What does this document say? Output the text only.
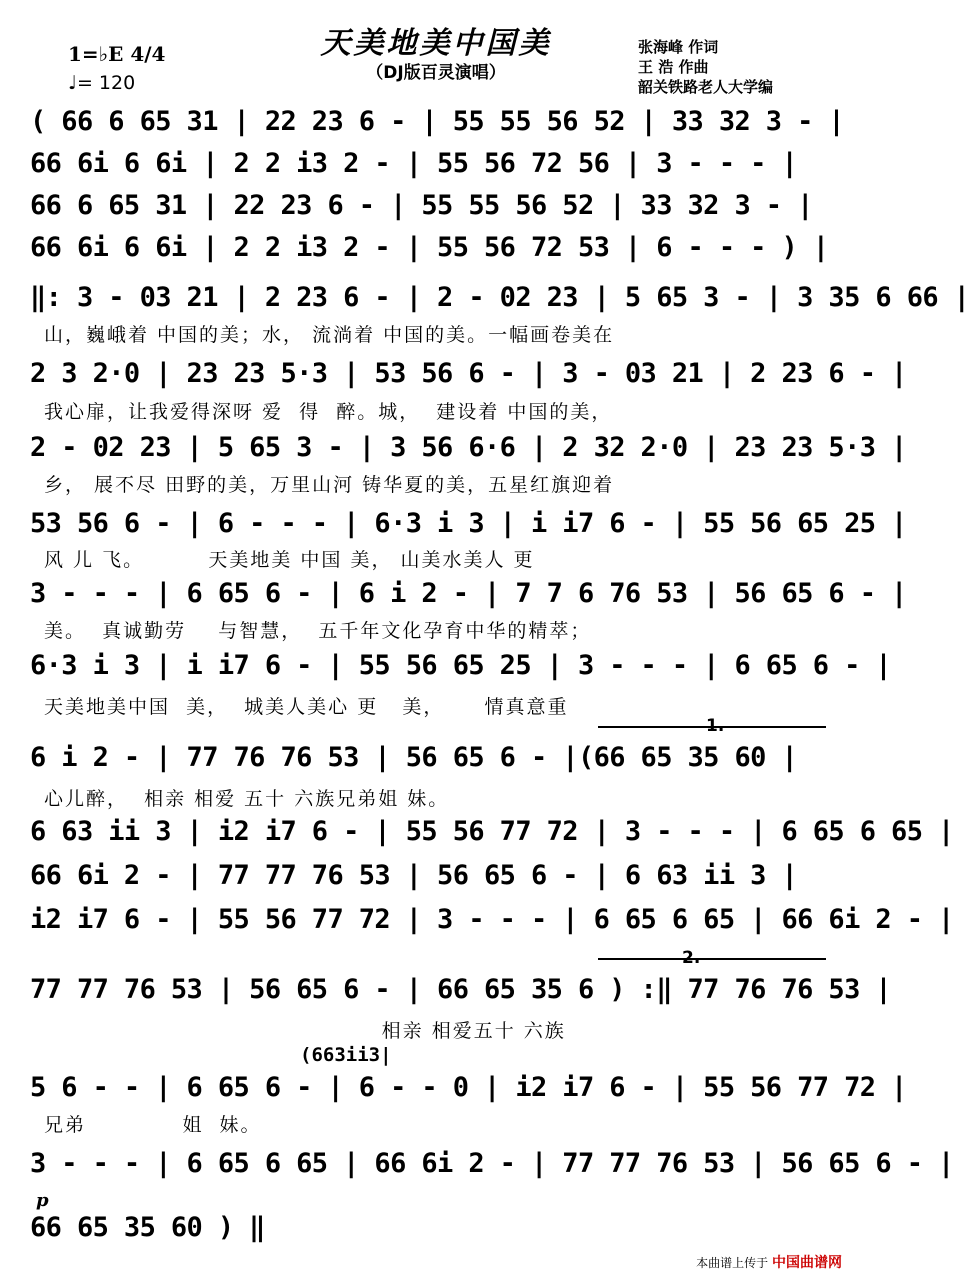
天美地美中国美
（DJ版百灵演唱）
1=♭E 4/4
♩= 120
张海峰 作词
王 浩 作曲
韶关铁路老人大学编
( 66 6 65 31 | 22 23 6 - | 55 55 56 52 | 33 32 3 - |
66 6i 6 6i | 2 2 i3 2 - | 55 56 72 56 | 3 - - - |
66 6 65 31 | 22 23 6 - | 55 55 56 52 | 33 32 3 - |
66 6i 6 6i | 2 2 i3 2 - | 55 56 72 53 | 6 - - - ) |
‖: 3 - 03 21 | 2 23 6 - | 2 - 02 23 | 5 65 3 - | 3 35 6 66 |
山，巍峨着 中国的美；水， 流淌着 中国的美。一幅画卷美在
2 3 2·0 | 23 23 5·3 | 53 56 6 - | 3 - 03 21 | 2 23 6 - |
我心扉，让我爱得深呀 爱  得  醉。城，  建设着 中国的美，
2 - 02 23 | 5 65 3 - | 3 56 6·6 | 2 32 2·0 | 23 23 5·3 |
乡， 展不尽 田野的美，万里山河 铸华夏的美，五星红旗迎着
53 56 6 - | 6 - - - | 6·3 i 3 | i i7 6 - | 55 56 65 25 |
风 儿 飞。        天美地美 中国 美， 山美水美人 更
3 - - - | 6 65 6 - | 6 i 2 - | 7 7 6 76 53 | 56 65 6 - |
美。  真诚勤劳    与智慧，  五千年文化孕育中华的精萃；
6·3 i 3 | i i7 6 - | 55 56 65 25 | 3 - - - | 6 65 6 - |
天美地美中国  美，  城美人美心 更   美，     情真意重
1.
6 i 2 - | 77 76 76 53 | 56 65 6 - |(66 65 35 60 |
心儿醉，  相亲 相爱 五十 六族兄弟姐 妹。
6 63 ii 3 | i2 i7 6 - | 55 56 77 72 | 3 - - - | 6 65 6 65 |
66 6i 2 - | 77 77 76 53 | 56 65 6 - | 6 63 ii 3 |
i2 i7 6 - | 55 56 77 72 | 3 - - - | 6 65 6 65 | 66 6i 2 - |
2.
77 77 76 53 | 56 65 6 - | 66 65 35 6 ) :‖ 77 76 76 53 |
相亲 相爱五十 六族
(663ii3|
5 6 - - | 6 65 6 - | 6 - - 0 | i2 i7 6 - | 55 56 77 72 |
兄弟            姐  妹。
3 - - - | 6 65 6 65 | 66 6i 2 - | 77 77 76 53 | 56 65 6 - |
p
66 65 35 60 ) ‖
本曲谱上传于 中国曲谱网
